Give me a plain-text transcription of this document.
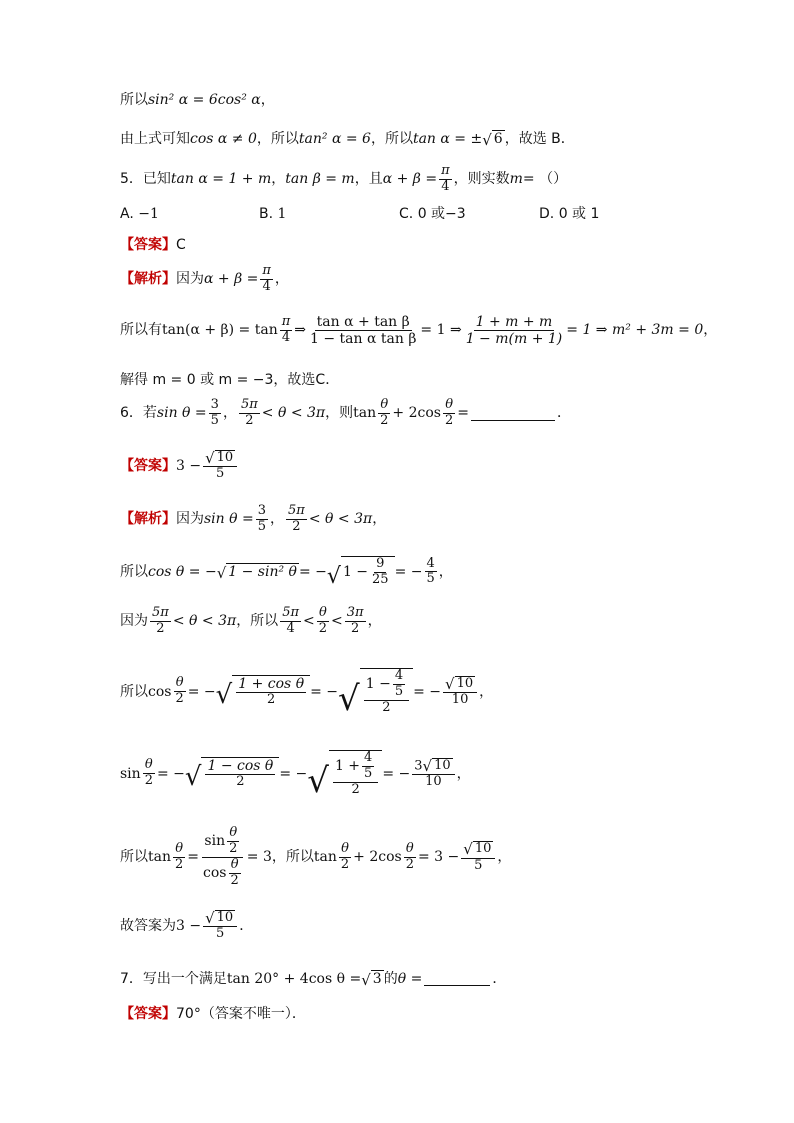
所以 sin² α = 6cos² α ，
由上式可知 cos α ≠ 0 ，所以 tan² α = 6 ，所以 tan α = ± √ 6 ，故选 B．
5．已知 tan α = 1 + m ， tan β = m ，且 $\alpha + \beta = \frac{\pi}{4}$ ，则实数 m = （）
A. −1	B. 1	C. 0 或−3	D. 0 或 1
【答案】 C
【解析】 因为 $\alpha + \beta = \frac{\pi}{4}$ ，
所以有 $\tan(\alpha + \beta) = \tan \frac{\pi}{4}$ ⇒ $\frac{\text{tan α + tan β}}{\text{1 − tan α tan β}} = 1$ ⇒ $\frac{1 + m + m}{1 - m(m + 1)} = 1$ ⇒ m² + 3m = 0 ，
解得 m = 0 或 m = −3，故选C．
6．若 $\sin \theta = \frac{3}{5}$ ， $\frac{5\pi}{2} < \theta < 3\pi$ ，则 $\tan \frac{\theta}{2} + 2\cos \frac{\theta}{2}$ =	．
【答案】 $3 - \frac{√ 10}{5}$
【解析】 因为 $\sin \theta = \frac{3}{5}$ ， $\frac{5\pi}{2} < \theta < 3\pi$ ，
所以 cos θ = − √ 1 − sin² θ = − √ $1 - \frac{9}{25}$ = − $\frac{4}{5}$ ，
因为 $\frac{5\pi}{2} < \theta < 3\pi$ ，所以 $\frac{5\pi}{4} < \frac{\theta}{2} < \frac{3\pi}{2}$ ，
所以 $\cos \frac{\theta}{2}$ = − √ $\frac{\text{1 + cos θ}}{2}$ = − √ $\frac{1 - \frac{4}{5}}{2}$ = − $\frac{√ 10}{10}$ ，
$\sin \frac{\theta}{2}$ = − √ $\frac{\text{1 − cos θ}}{2}$ = − √ $\frac{1 + \frac{4}{5}}{2}$ = − $\frac{3 √ 10}{10}$ ，
所以 $\tan \frac{\theta}{2} = \frac{\sin \frac{\theta}{2}}{\cos \frac{\theta}{2}} = 3$ ，所以 $\tan \frac{\theta}{2} + 2\cos \frac{\theta}{2} = 3 - \frac{√ 10}{5}$ ，
故答案为 $3 - \frac{√ 10}{5}$ ．
7．写出一个满足 tan 20° + 4cos θ = √ 3 的 θ =	．
【答案】 70°（答案不唯一）．
